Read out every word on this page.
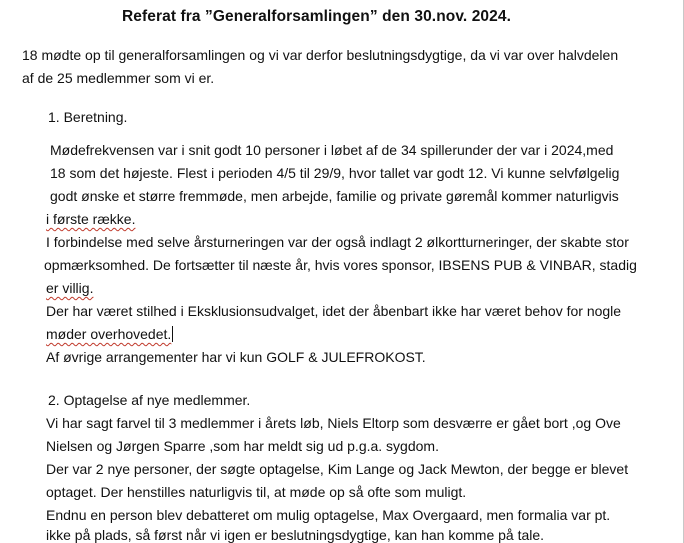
Referat fra ”Generalforsamlingen” den 30.nov. 2024.
18 mødte op til generalforsamlingen og vi var derfor beslutningsdygtige, da vi var over halvdelen
af de 25 medlemmer som vi er.
1. Beretning.
Mødefrekvensen var i snit godt 10 personer i løbet af de 34 spillerunder der var i 2024,med
18 som det højeste. Flest i perioden 4/5 til 29/9, hvor tallet var godt 12. Vi kunne selvfølgelig
godt ønske et større fremmøde, men arbejde, familie og private gøremål kommer naturligvis
i første række.
I forbindelse med selve årsturneringen var der også indlagt 2 ølkortturneringer, der skabte stor
opmærksomhed. De fortsætter til næste år, hvis vores sponsor, IBSENS PUB & VINBAR, stadig
er villig.
Der har været stilhed i Eksklusionsudvalget, idet der åbenbart ikke har været behov for nogle
møder overhovedet.
Af øvrige arrangementer har vi kun GOLF & JULEFROKOST.
2. Optagelse af nye medlemmer.
Vi har sagt farvel til 3 medlemmer i årets løb, Niels Eltorp som desværre er gået bort ,og Ove
Nielsen og Jørgen Sparre ,som har meldt sig ud p.g.a. sygdom.
Der var 2 nye personer, der søgte optagelse, Kim Lange og Jack Mewton, der begge er blevet
optaget. Der henstilles naturligvis til, at møde op så ofte som muligt.
Endnu en person blev debatteret om mulig optagelse, Max Overgaard, men formalia var pt.
ikke på plads, så først når vi igen er beslutningsdygtige, kan han komme på tale.
